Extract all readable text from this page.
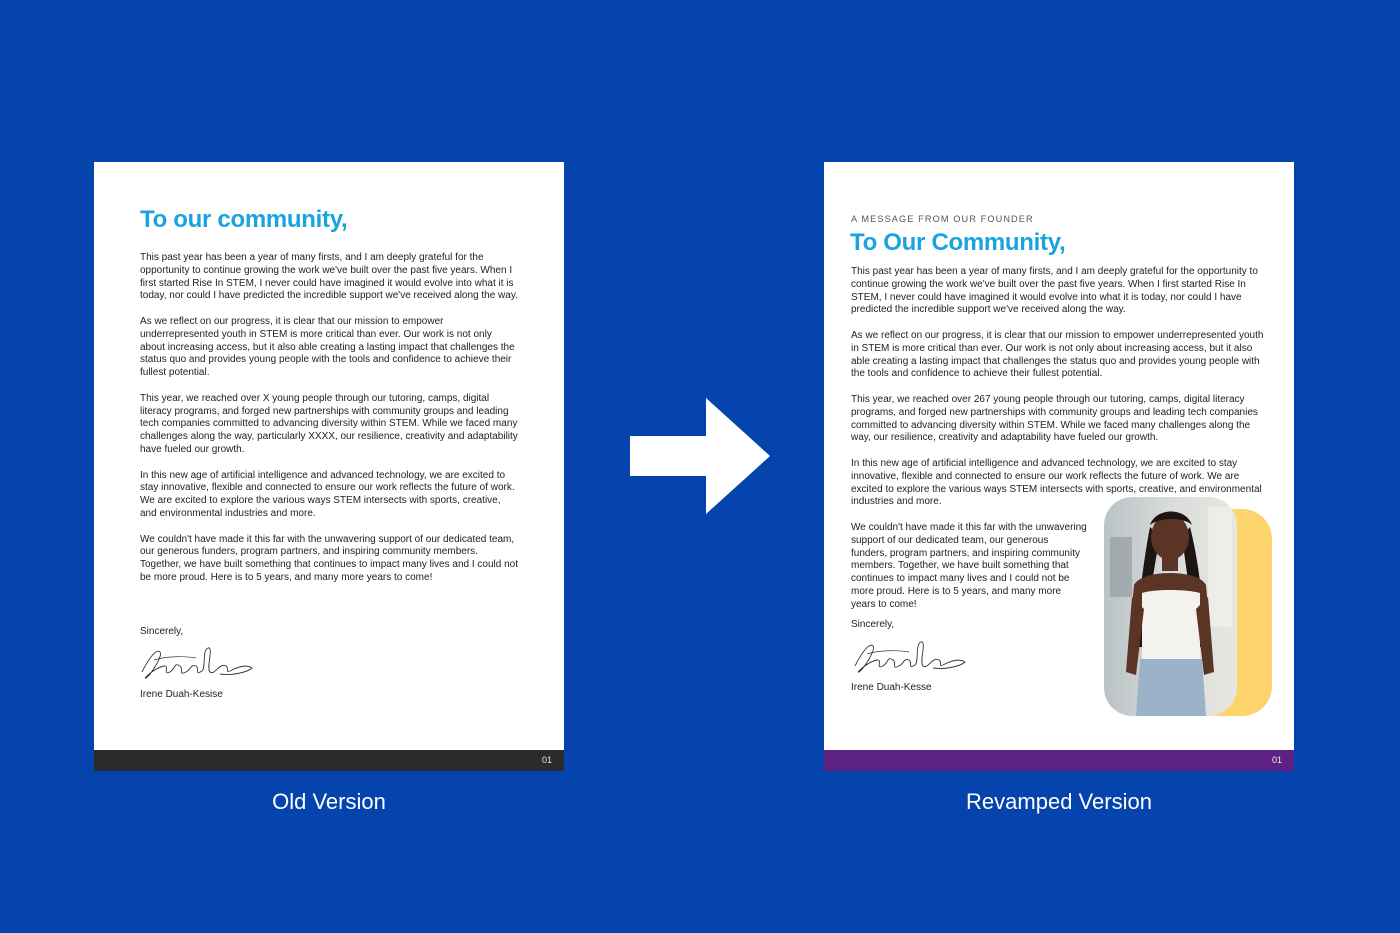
To our community,

This past year has been a year of many firsts, and I am deeply grateful for the opportunity to continue growing the work we've built over the past five years. When I first started Rise In STEM, I never could have imagined it would evolve into what it is today, nor could I have predicted the incredible support we've received along the way.

As we reflect on our progress, it is clear that our mission to empower underrepresented youth in STEM is more critical than ever. Our work is not only about increasing access, but it also able creating a lasting impact that challenges the status quo and provides young people with the tools and confidence to achieve their fullest potential.

This year, we reached over X young people through our tutoring, camps, digital literacy programs, and forged new partnerships with community groups and leading tech companies committed to advancing diversity within STEM. While we faced many challenges along the way, particularly XXXX, our resilience, creativity and adaptability have fueled our growth.

In this new age of artificial intelligence and advanced technology, we are excited to stay innovative, flexible and connected to ensure our work reflects the future of work. We are excited to explore the various ways STEM intersects with sports, creative, and environmental industries and more.

We couldn't have made it this far with the unwavering support of our dedicated team, our generous funders, program partners, and inspiring community members. Together, we have built something that continues to impact many lives and I could not be more proud. Here is to 5 years, and many more years to come!

Sincerely,
Irene Duah-Kesise
01
A MESSAGE FROM OUR FOUNDER
To Our Community,

This past year has been a year of many firsts, and I am deeply grateful for the opportunity to continue growing the work we've built over the past five years. When I first started Rise In STEM, I never could have imagined it would evolve into what it is today, nor could I have predicted the incredible support we've received along the way.

As we reflect on our progress, it is clear that our mission to empower underrepresented youth in STEM is more critical than ever. Our work is not only about increasing access, but it also able creating a lasting impact that challenges the status quo and provides young people with the tools and confidence to achieve their fullest potential.

This year, we reached over 267 young people through our tutoring, camps, digital literacy programs, and forged new partnerships with community groups and leading tech companies committed to advancing diversity within STEM. While we faced many challenges along the way, our resilience, creativity and adaptability have fueled our growth.

In this new age of artificial intelligence and advanced technology, we are excited to stay innovative, flexible and connected to ensure our work reflects the future of work. We are excited to explore the various ways STEM intersects with sports, creative, and environmental industries and more.

We couldn't have made it this far with the unwavering support of our dedicated team, our generous funders, program partners, and inspiring community members. Together, we have built something that continues to impact many lives and I could not be more proud. Here is to 5 years, and many more years to come!

Sincerely,
Irene Duah-Kesse
01
Old Version	Revamped Version
